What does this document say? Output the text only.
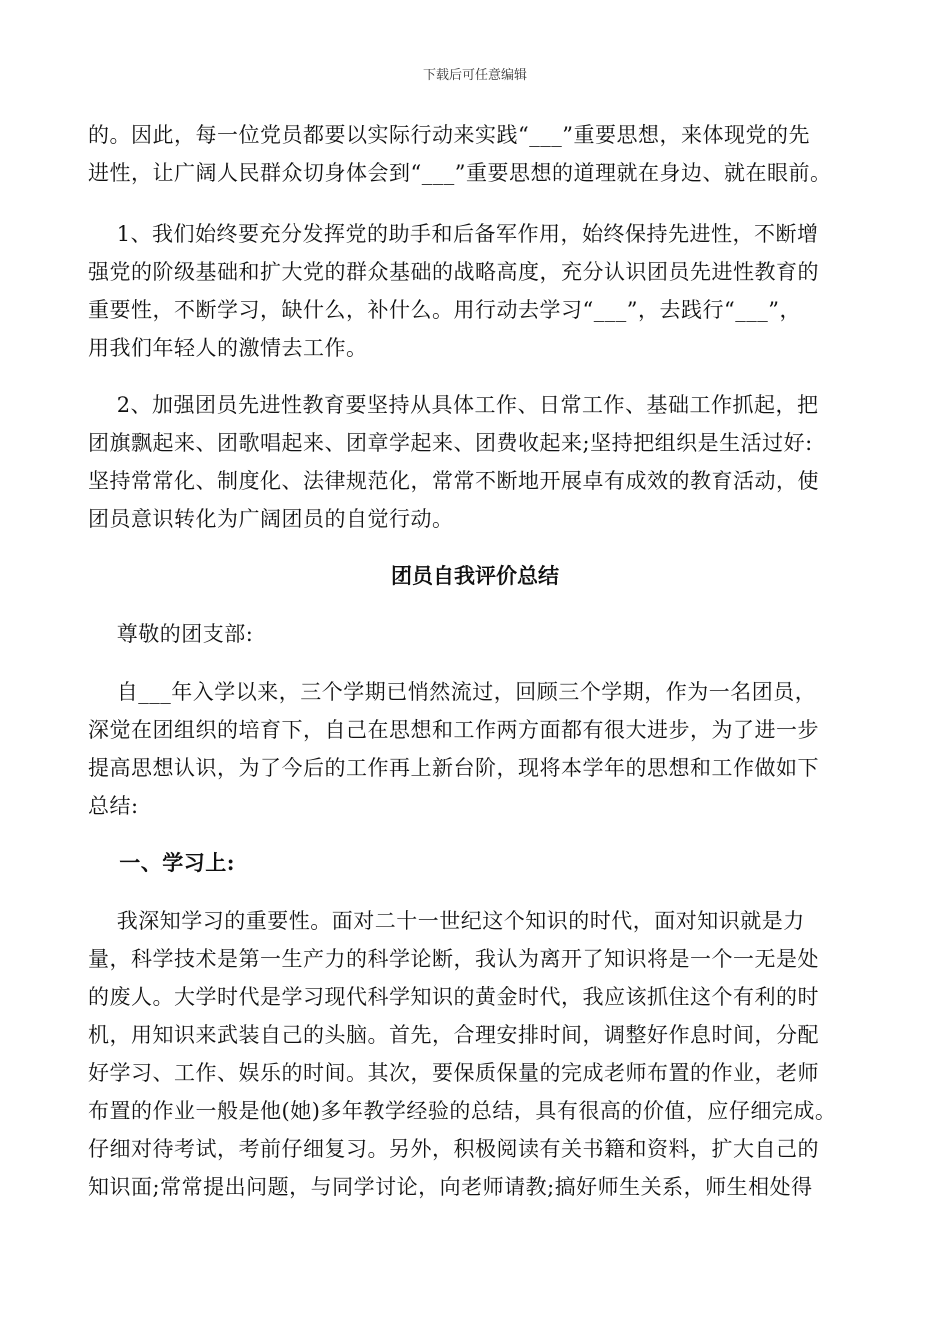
下载后可任意编辑
的。因此，每一位党员都要以实际行动来实践“___”重要思想，来体现党的先
进性，让广阔人民群众切身体会到“___”重要思想的道理就在身边、就在眼前。
1、我们始终要充分发挥党的助手和后备军作用，始终保持先进性，不断增
强党的阶级基础和扩大党的群众基础的战略高度，充分认识团员先进性教育的
重要性，不断学习，缺什么，补什么。用行动去学习“___”，去践行“___”，
用我们年轻人的激情去工作。
2、加强团员先进性教育要坚持从具体工作、日常工作、基础工作抓起，把
团旗飘起来、团歌唱起来、团章学起来、团费收起来;坚持把组织是生活过好:
坚持常常化、制度化、法律规范化，常常不断地开展卓有成效的教育活动，使
团员意识转化为广阔团员的自觉行动。
团员自我评价总结
尊敬的团支部:
自___年入学以来，三个学期已悄然流过，回顾三个学期，作为一名团员，
深觉在团组织的培育下，自己在思想和工作两方面都有很大进步，为了进一步
提高思想认识，为了今后的工作再上新台阶，现将本学年的思想和工作做如下
总结:
一、学习上:
我深知学习的重要性。面对二十一世纪这个知识的时代，面对知识就是力
量，科学技术是第一生产力的科学论断，我认为离开了知识将是一个一无是处
的废人。大学时代是学习现代科学知识的黄金时代，我应该抓住这个有利的时
机，用知识来武装自己的头脑。首先，合理安排时间，调整好作息时间，分配
好学习、工作、娱乐的时间。其次，要保质保量的完成老师布置的作业，老师
布置的作业一般是他(她)多年教学经验的总结，具有很高的价值，应仔细完成。
仔细对待考试，考前仔细复习。另外，积极阅读有关书籍和资料，扩大自己的
知识面;常常提出问题，与同学讨论，向老师请教;搞好师生关系，师生相处得
